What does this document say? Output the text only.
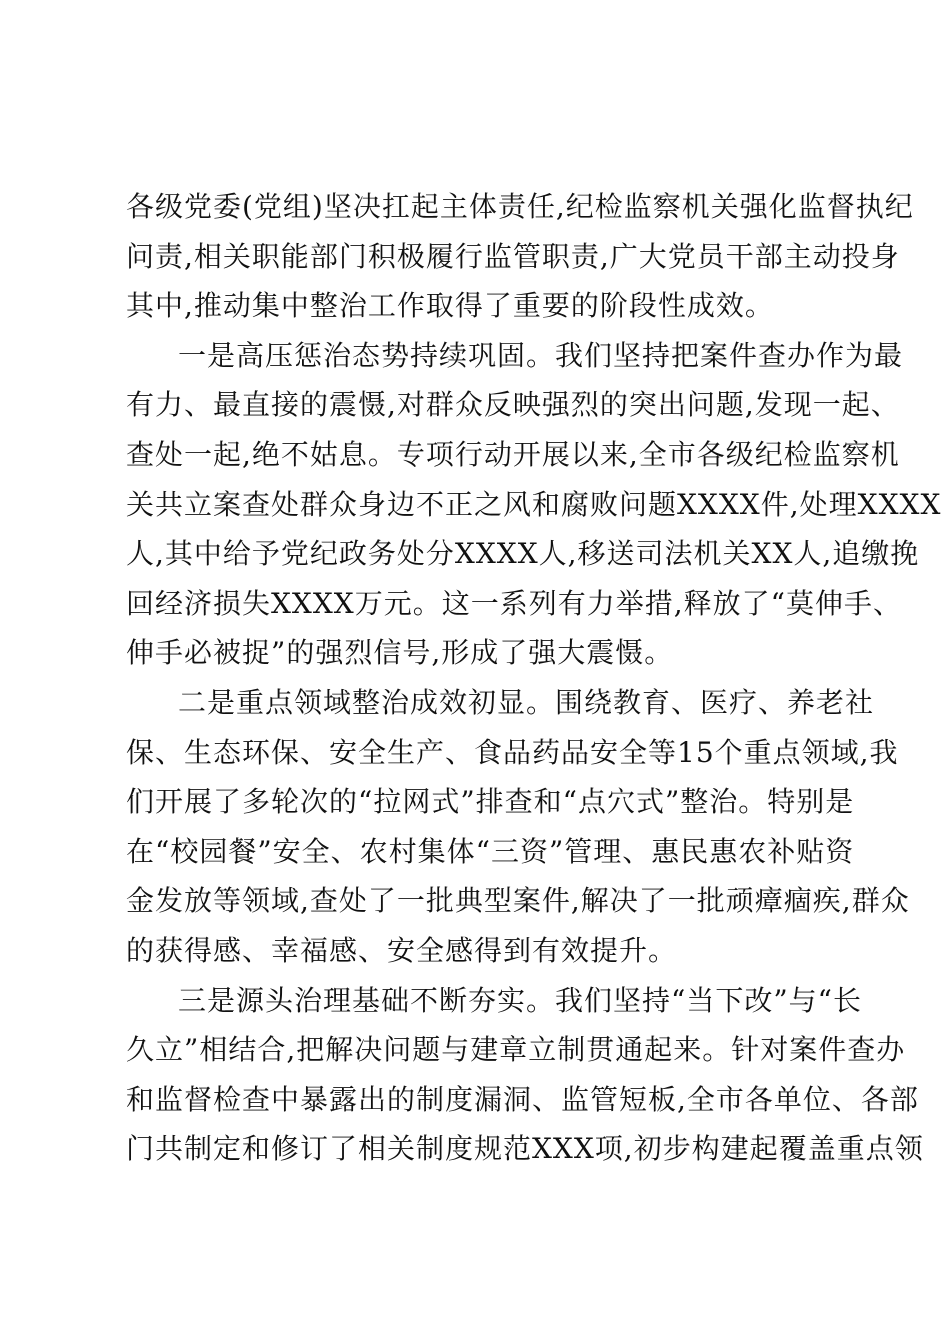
各级党委(党组)坚决扛起主体责任,纪检监察机关强化监督执纪
问责,相关职能部门积极履行监管职责,广大党员干部主动投身
其中,推动集中整治工作取得了重要的阶段性成效。
一是高压惩治态势持续巩固。我们坚持把案件查办作为最
有力、最直接的震慑,对群众反映强烈的突出问题,发现一起、
查处一起,绝不姑息。专项行动开展以来,全市各级纪检监察机
关共立案查处群众身边不正之风和腐败问题XXXX件,处理XXXX
人,其中给予党纪政务处分XXXX人,移送司法机关XX人,追缴挽
回经济损失XXXX万元。这一系列有力举措,释放了“莫伸手、
伸手必被捉”的强烈信号,形成了强大震慑。
二是重点领域整治成效初显。围绕教育、医疗、养老社
保、生态环保、安全生产、食品药品安全等15个重点领域,我
们开展了多轮次的“拉网式”排查和“点穴式”整治。特别是
在“校园餐”安全、农村集体“三资”管理、惠民惠农补贴资
金发放等领域,查处了一批典型案件,解决了一批顽瘴痼疾,群众
的获得感、幸福感、安全感得到有效提升。
三是源头治理基础不断夯实。我们坚持“当下改”与“长
久立”相结合,把解决问题与建章立制贯通起来。针对案件查办
和监督检查中暴露出的制度漏洞、监管短板,全市各单位、各部
门共制定和修订了相关制度规范XXX项,初步构建起覆盖重点领
